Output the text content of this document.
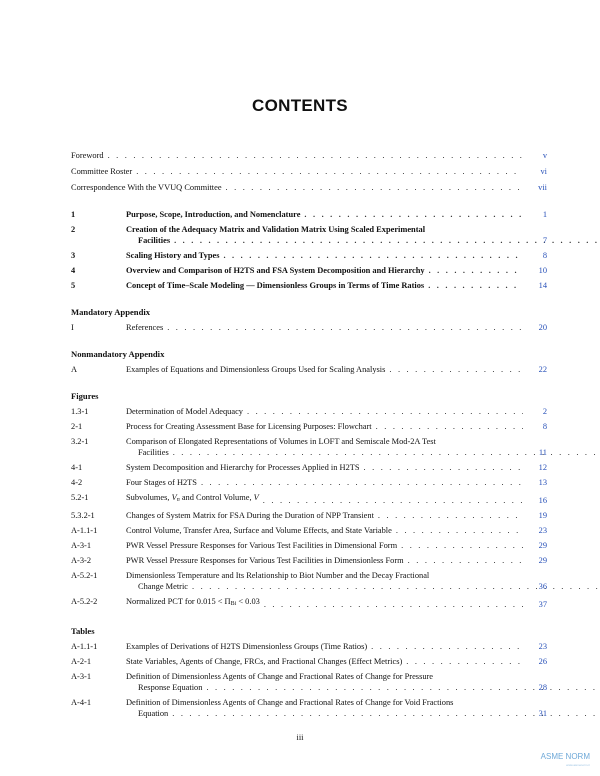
CONTENTS
Foreword . . .	v
Committee Roster . . .	vi
Correspondence With the VVUQ Committee . . .	vii
1	Purpose, Scope, Introduction, and Nomenclature . . .	1
2	Creation of the Adequacy Matrix and Validation Matrix Using Scaled Experimental
Facilities . . .	7
3	Scaling History and Types . . .	8
4	Overview and Comparison of H2TS and FSA System Decomposition and Hierarchy . . .	10
5	Concept of Time–Scale Modeling — Dimensionless Groups in Terms of Time Ratios . . .	14
Mandatory Appendix
I	References . . .	20
Nonmandatory Appendix
A	Examples of Equations and Dimensionless Groups Used for Scaling Analysis . . .	22
Figures
1.3-1	Determination of Model Adequacy . . .	2
2-1	Process for Creating Assessment Base for Licensing Purposes: Flowchart . . .	8
3.2-1	Comparison of Elongated Representations of Volumes in LOFT and Semiscale Mod-2A Test
Facilities . . .	11
4-1	System Decomposition and Hierarchy for Processes Applied in H2TS . . .	12
4-2	Four Stages of H2TS . . .	13
5.2-1	Subvolumes, Vn and Control Volume, V . . .	16
5.3.2-1	Changes of System Matrix for FSA During the Duration of NPP Transient . . .	19
A-1.1-1	Control Volume, Transfer Area, Surface and Volume Effects, and State Variable . . .	23
A-3-1	PWR Vessel Pressure Responses for Various Test Facilities in Dimensional Form . . .	29
A-3-2	PWR Vessel Pressure Responses for Various Test Facilities in Dimensionless Form . . .	29
A-5.2-1	Dimensionless Temperature and Its Relationship to Biot Number and the Decay Fractional
Change Metric . . .	36
A-5.2-2	Normalized PCT for 0.015 < ΠBi < 0.03 . . .	37
Tables
A-1.1-1	Examples of Derivations of H2TS Dimensionless Groups (Time Ratios) . . .	23
A-2-1	State Variables, Agents of Change, FRCs, and Fractional Changes (Effect Metrics) . . .	26
A-3-1	Definition of Dimensionless Agents of Change and Fractional Rates of Change for Pressure
Response Equation . . .	28
A-4-1	Definition of Dimensionless Agents of Change and Fractional Rates of Change for Void Fractions
Equation . . .	31
iii
ASME NORM
www.asmenorm.ir
